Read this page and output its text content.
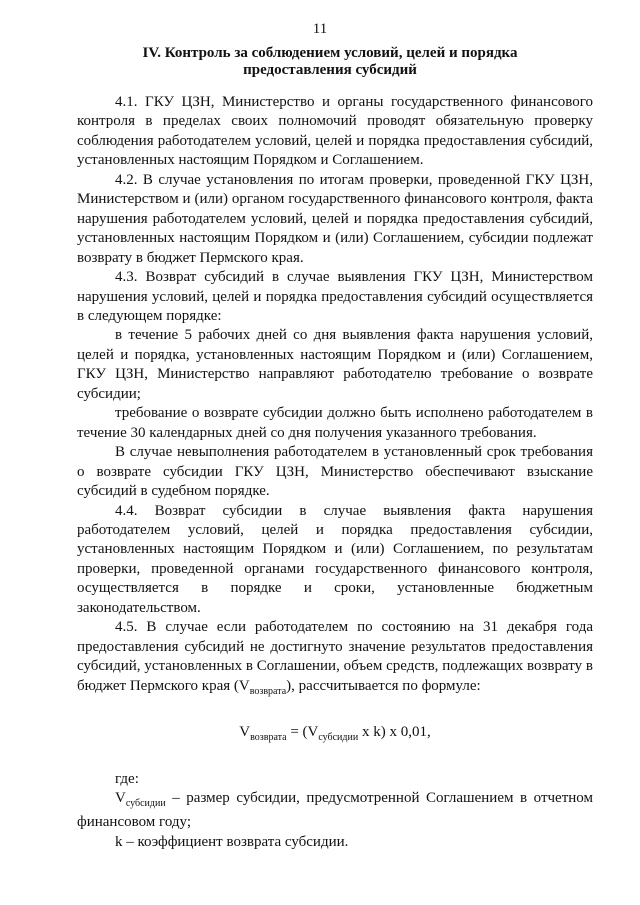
11
IV. Контроль за соблюдением условий, целей и порядка
предоставления субсидий

4.1. ГКУ ЦЗН, Министерство и органы государственного финансового контроля в пределах своих полномочий проводят обязательную проверку соблюдения работодателем условий, целей и порядка предоставления субсидий, установленных настоящим Порядком и Соглашением.

4.2. В случае установления по итогам проверки, проведенной ГКУ ЦЗН, Министерством и (или) органом государственного финансового контроля, факта нарушения работодателем условий, целей и порядка предоставления субсидий, установленных настоящим Порядком и (или) Соглашением, субсидии подлежат возврату в бюджет Пермского края.

4.3. Возврат субсидий в случае выявления ГКУ ЦЗН, Министерством нарушения условий, целей и порядка предоставления субсидий осуществляется в следующем порядке:

в течение 5 рабочих дней со дня выявления факта нарушения условий, целей и порядка, установленных настоящим Порядком и (или) Соглашением, ГКУ ЦЗН, Министерство направляют работодателю требование о возврате субсидии;

требование о возврате субсидии должно быть исполнено работодателем в течение 30 календарных дней со дня получения указанного требования.

В случае невыполнения работодателем в установленный срок требования о возврате субсидии ГКУ ЦЗН, Министерство обеспечивают взыскание субсидий в судебном порядке.

4.4. Возврат субсидии в случае выявления факта нарушения работодателем условий, целей и порядка предоставления субсидии, установленных настоящим Порядком и (или) Соглашением, по результатам проверки, проведенной органами государственного финансового контроля, осуществляется в порядке и сроки, установленные бюджетным законодательством.

4.5. В случае если работодателем по состоянию на 31 декабря года предоставления субсидий не достигнуто значение результатов предоставления субсидий, установленных в Соглашении, объем средств, подлежащих возврату в бюджет Пермского края $(V_{возврата})$, рассчитывается по формуле:

$V_{возврата} = (V_{субсидии}$ x k) x 0,01,

где:

$V_{субсидии}$ – размер субсидии, предусмотренной Соглашением в отчетном финансовом году;

k – коэффициент возврата субсидии.
